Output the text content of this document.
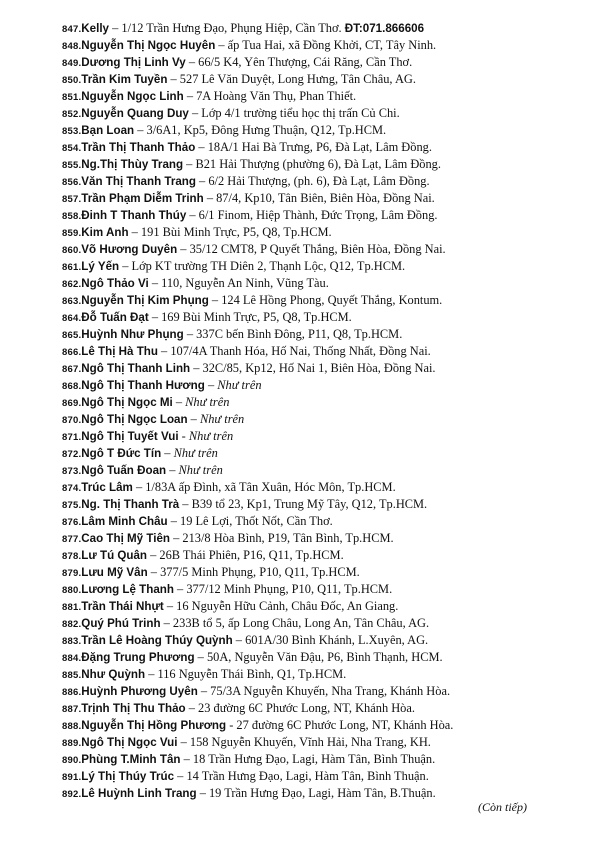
847.Kelly – 1/12 Trần Hưng Đạo, Phụng Hiệp, Cần Thơ. ĐT:071.866606
848.Nguyễn Thị Ngọc Huyên – ấp Tua Hai, xã Đồng Khởi, CT, Tây Ninh.
849.Dương Thị Linh Vy – 66/5 K4, Yên Thượng, Cái Răng, Cần Thơ.
850.Trần Kim Tuyền – 527 Lê Văn Duyệt, Long Hưng, Tân Châu, AG.
851.Nguyễn Ngọc Linh – 7A Hoàng Văn Thụ, Phan Thiết.
852.Nguyễn Quang Duy – Lớp 4/1 trường tiểu học thị trấn Củ Chi.
853.Bạn Loan – 3/6A1, Kp5, Đông Hưng Thuận, Q12, Tp.HCM.
854.Trần Thị Thanh Thảo – 18A/1 Hai Bà Trưng, P6, Đà Lạt, Lâm Đồng.
855.Ng.Thị Thùy Trang – B21 Hải Thượng (phường 6), Đà Lạt, Lâm Đồng.
856.Văn Thị Thanh Trang – 6/2 Hải Thượng, (ph. 6), Đà Lạt, Lâm Đồng.
857.Trần Phạm Diễm Trinh – 87/4, Kp10, Tân Biên, Biên Hòa, Đồng Nai.
858.Đinh T Thanh Thúy – 6/1 Finom, Hiệp Thành, Đức Trọng, Lâm Đồng.
859.Kim Anh – 191 Bùi Minh Trực, P5, Q8, Tp.HCM.
860.Võ Hương Duyên – 35/12 CMT8, P Quyết Thắng, Biên Hòa, Đồng Nai.
861.Lý Yến – Lớp KT trường TH Diên 2, Thạnh Lộc, Q12, Tp.HCM.
862.Ngô Thảo Vi – 110, Nguyễn An Ninh, Vũng Tàu.
863.Nguyễn Thị Kim Phụng – 124 Lê Hồng Phong, Quyết Thắng, Kontum.
864.Đỗ Tuấn Đạt – 169 Bùi Minh Trực, P5, Q8, Tp.HCM.
865.Huỳnh Như Phụng – 337C bến Bình Đông, P11, Q8, Tp.HCM.
866.Lê Thị Hà Thu – 107/4A Thanh Hóa, Hố Nai, Thống Nhất, Đồng Nai.
867.Ngô Thị Thanh Linh – 32C/85, Kp12, Hố Nai 1, Biên Hòa, Đồng Nai.
868.Ngô Thị Thanh Hương – Như trên
869.Ngô Thị Ngọc Mi – Như trên
870.Ngô Thị Ngọc Loan – Như trên
871.Ngô Thị Tuyết Vui - Như trên
872.Ngô T Đức Tín – Như trên
873.Ngô Tuấn Đoan – Như trên
874.Trúc Lâm – 1/83A ấp Đình, xã Tân Xuân, Hóc Môn, Tp.HCM.
875.Ng. Thị Thanh Trà – B39 tổ 23, Kp1, Trung Mỹ Tây, Q12, Tp.HCM.
876.Lâm Minh Châu – 19 Lê Lợi, Thốt Nốt, Cần Thơ.
877.Cao Thị Mỹ Tiên – 213/8 Hòa Bình, P19, Tân Bình, Tp.HCM.
878.Lư Tú Quân – 26B Thái Phiên, P16, Q11, Tp.HCM.
879.Lưu Mỹ Vân – 377/5 Minh Phụng, P10, Q11, Tp.HCM.
880.Lương Lệ Thanh – 377/12 Minh Phụng, P10, Q11, Tp.HCM.
881.Trần Thái Nhựt – 16 Nguyễn Hữu Cảnh, Châu Đốc, An Giang.
882.Quý Phú Trinh – 233B tổ 5, ấp Long Châu, Long An, Tân Châu, AG.
883.Trần Lê Hoàng Thúy Quỳnh – 601A/30 Bình Khánh, L.Xuyên, AG.
884.Đặng Trung Phương – 50A, Nguyễn Văn Đậu, P6, Bình Thạnh, HCM.
885.Như Quỳnh – 116 Nguyễn Thái Bình, Q1, Tp.HCM.
886.Huỳnh Phương Uyên – 75/3A Nguyễn Khuyến, Nha Trang, Khánh Hòa.
887.Trịnh Thị Thu Thảo – 23 đường 6C Phước Long, NT, Khánh Hòa.
888.Nguyễn Thị Hồng Phương - 27 đường 6C Phước Long, NT, Khánh Hòa.
889.Ngô Thị Ngọc Vui – 158 Nguyễn Khuyến, Vĩnh Hải, Nha Trang, KH.
890.Phùng T.Minh Tân – 18 Trần Hưng Đạo, Lagi, Hàm Tân, Bình Thuận.
891.Lý Thị Thúy Trúc – 14 Trần Hưng Đạo, Lagi, Hàm Tân, Bình Thuận.
892.Lê Huỳnh Linh Trang – 19 Trần Hưng Đạo, Lagi, Hàm Tân, B.Thuận.
(Còn tiếp)
